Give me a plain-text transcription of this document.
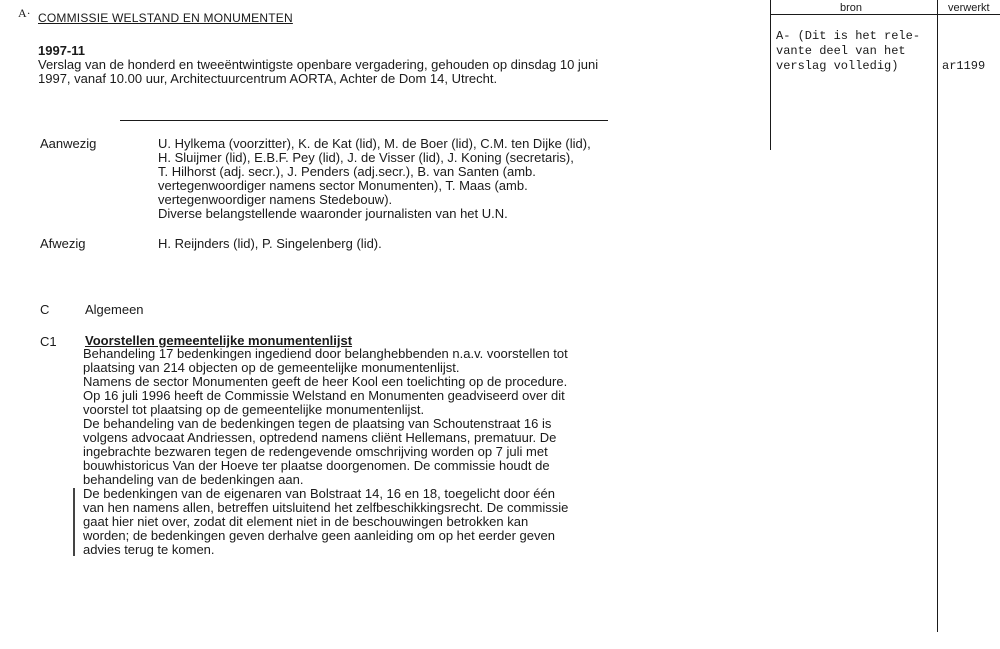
bron	verwerkt
A- (Dit is het rele-
vante deel van het
verslag volledig)	ar1199
A· COMMISSIE WELSTAND EN MONUMENTEN
1997-11
Verslag van de honderd en tweeëntwintigste openbare vergadering, gehouden op dinsdag 10 juni
1997, vanaf 10.00 uur, Architectuurcentrum AORTA, Achter de Dom 14, Utrecht.
Aanwezig	U. Hylkema (voorzitter), K. de Kat (lid), M. de Boer (lid), C.M. ten Dijke (lid),
H. Sluijmer (lid), E.B.F. Pey (lid), J. de Visser (lid), J. Koning (secretaris),
T. Hilhorst (adj. secr.), J. Penders (adj.secr.), B. van Santen (amb.
vertegenwoordiger namens sector Monumenten), T. Maas (amb.
vertegenwoordiger namens Stedebouw).
Diverse belangstellende waaronder journalisten van het U.N.
Afwezig	H. Reijnders (lid), P. Singelenberg (lid).
C	Algemeen
C1 Voorstellen gemeentelijke monumentenlijst
Behandeling 17 bedenkingen ingediend door belanghebbenden n.a.v. voorstellen tot
plaatsing van 214 objecten op de gemeentelijke monumentenlijst.
Namens de sector Monumenten geeft de heer Kool een toelichting op de procedure.
Op 16 juli 1996 heeft de Commissie Welstand en Monumenten geadviseerd over dit
voorstel tot plaatsing op de gemeentelijke monumentenlijst.
De behandeling van de bedenkingen tegen de plaatsing van Schoutenstraat 16 is
volgens advocaat Andriessen, optredend namens cliënt Hellemans, prematuur. De
ingebrachte bezwaren tegen de redengevende omschrijving worden op 7 juli met
bouwhistoricus Van der Hoeve ter plaatse doorgenomen. De commissie houdt de
behandeling van de bedenkingen aan.
De bedenkingen van de eigenaren van Bolstraat 14, 16 en 18, toegelicht door één
van hen namens allen, betreffen uitsluitend het zelfbeschikkingsrecht. De commissie
gaat hier niet over, zodat dit element niet in de beschouwingen betrokken kan
worden; de bedenkingen geven derhalve geen aanleiding om op het eerder geven
advies terug te komen.
